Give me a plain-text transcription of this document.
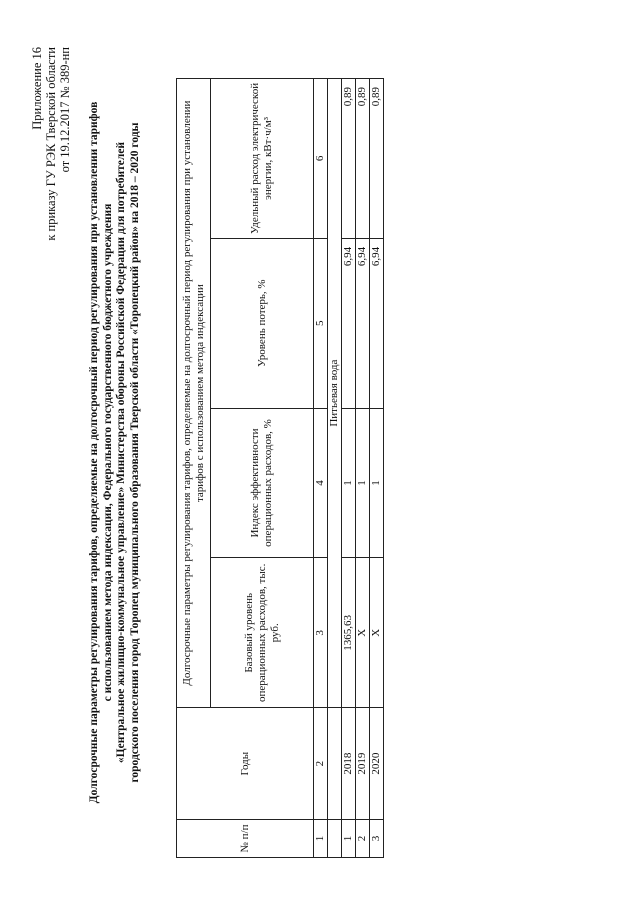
Приложение 16 к приказу ГУ РЭК Тверской области от 19.12.2017 № 389-нп Долгосрочные параметры регулирования тарифов, определяемые на долгосрочный период регулирования при установлении тарифов с использованием метода индексации, Федерального государственного бюджетного учреждения «Центральное жилищно-коммунальное управление» Министерства обороны Российской Федерации для потребителей городского поселения город Торопец муниципального образования Тверской области «Торопецкий район» на 2018 – 2020 годы
№ п/п	Годы	Долгосрочные параметры регулирования тарифов, определяемые на долгосрочный период регулирования при установлении тарифов с использованием метода индексации			
		Базовый уровень операционных расходов, тыс. руб.	Индекс эффективности операционных расходов, %	Уровень потерь, %	Удельный расход электрической энергии, кВт·ч/м³
1	2	3	4	5	6
		Питьевая вода			
1	2018	1365,63	1	6,94	0,89
2	2019	X	1	6,94	0,89
3	2020	X	1	6,94	0,89
